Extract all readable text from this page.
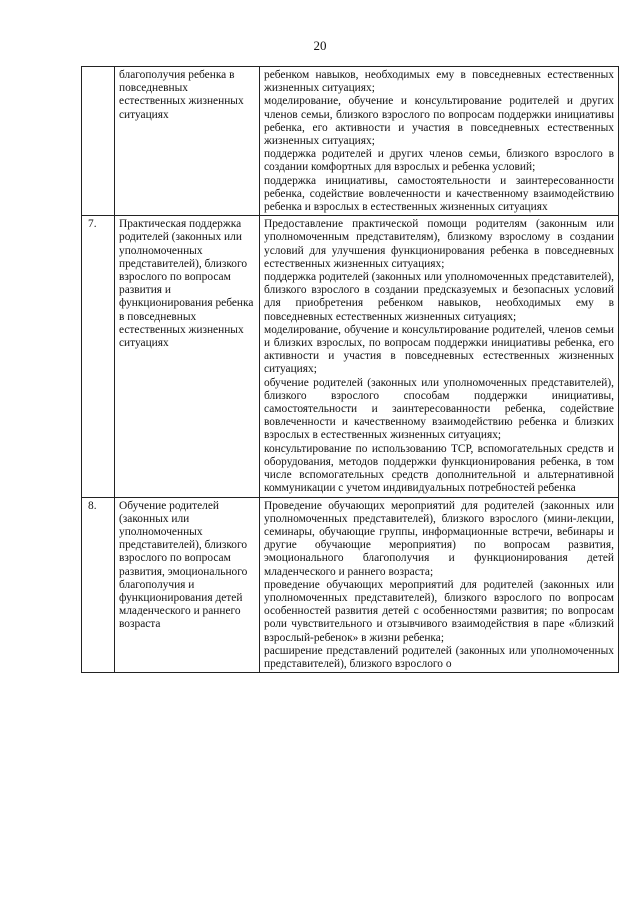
20
	благополучия ребенка в повседневных естественных жизненных ситуациях	ребенком навыков, необходимых ему в повседневных естественных жизненных ситуациях;
моделирование, обучение и консультирование родителей и других членов семьи, близкого взрослого по вопросам поддержки инициативы ребенка, его активности и участия в повседневных естественных жизненных ситуациях;
поддержка родителей и других членов семьи, близкого взрослого в создании комфортных для взрослых и ребенка условий;
поддержка инициативы, самостоятельности и заинтересованности ребенка, содействие вовлеченности и качественному взаимодействию ребенка и взрослых в естественных жизненных ситуациях

7.	Практическая поддержка родителей (законных или уполномоченных представителей), близкого взрослого по вопросам развития и функционирования ребенка в повседневных естественных жизненных ситуациях	Предоставление практической помощи родителям (законным или уполномоченным представителям), близкому взрослому в создании условий для улучшения функционирования ребенка в повседневных естественных жизненных ситуациях;
поддержка родителей (законных или уполномоченных представителей), близкого взрослого в создании предсказуемых и безопасных условий для приобретения ребенком навыков, необходимых ему в повседневных естественных жизненных ситуациях;
моделирование, обучение и консультирование родителей, членов семьи и близких взрослых, по вопросам поддержки инициативы ребенка, его активности и участия в повседневных естественных жизненных ситуациях;
обучение родителей (законных или уполномоченных представителей), близкого взрослого способам поддержки инициативы, самостоятельности и заинтересованности ребенка, содействие вовлеченности и качественному взаимодействию ребенка и близких взрослых в естественных жизненных ситуациях;
консультирование по использованию ТСР, вспомогательных средств и оборудования, методов поддержки функционирования ребенка, в том числе вспомогательных средств дополнительной и альтернативной коммуникации с учетом индивидуальных потребностей ребенка

8.	Обучение родителей (законных или уполномоченных представителей), близкого взрослого по вопросам развития, эмоционального благополучия и функционирования детей младенческого и раннего возраста	Проведение обучающих мероприятий для родителей (законных или уполномоченных представителей), близкого взрослого (мини-лекции, семинары, обучающие группы, информационные встречи, вебинары и другие обучающие мероприятия) по вопросам развития, эмоционального благополучия и функционирования детей младенческого и раннего возраста;
проведение обучающих мероприятий для родителей (законных или уполномоченных представителей), близкого взрослого по вопросам особенностей развития детей с особенностями развития; по вопросам роли чувствительного и отзывчивого взаимодействия в паре «близкий взрослый-ребенок» в жизни ребенка;
расширение представлений родителей (законных или уполномоченных представителей), близкого взрослого о
